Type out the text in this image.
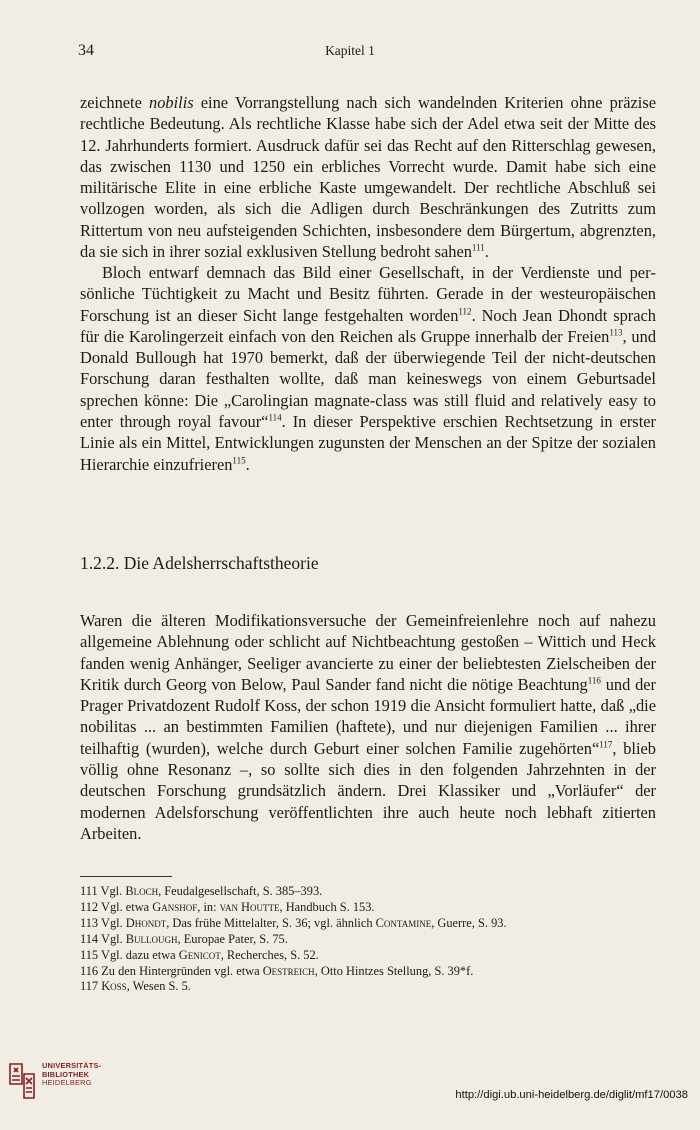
34	Kapitel 1

zeichnete nobilis eine Vorrangstellung nach sich wandelnden Kriterien ohne präzise rechtliche Bedeutung. Als rechtliche Klasse habe sich der Adel etwa seit der Mitte des 12. Jahrhunderts formiert. Ausdruck dafür sei das Recht auf den Ritterschlag gewesen, das zwischen 1130 und 1250 ein erbliches Vorrecht wurde. Damit habe sich eine militärische Elite in eine erbliche Kaste umgewandelt. Der rechtliche Abschluß sei vollzogen worden, als sich die Adligen durch Beschränkungen des Zutritts zum Rittertum von neu aufsteigenden Schichten, insbesondere dem Bürgertum, abgrenzten, da sie sich in ihrer sozial exklusiven Stellung bedroht sahen$^{111}$.

Bloch entwarf demnach das Bild einer Gesellschaft, in der Verdienste und persönliche Tüchtigkeit zu Macht und Besitz führten. Gerade in der westeuropäischen Forschung ist an dieser Sicht lange festgehalten worden$^{112}$. Noch Jean Dhondt sprach für die Karolingerzeit einfach von den Reichen als Gruppe innerhalb der Freien$^{113}$, und Donald Bullough hat 1970 bemerkt, daß der überwiegende Teil der nicht-deutschen Forschung daran festhalten wollte, daß man keineswegs von einem Geburtsadel sprechen könne: Die „Carolingian magnate-class was still fluid and relatively easy to enter through royal favour“$^{114}$. In dieser Perspektive erschien Rechtsetzung in erster Linie als ein Mittel, Entwicklungen zugunsten der Menschen an der Spitze der sozialen Hierarchie einzufrieren$^{115}$.

1.2.2. Die Adelsherrschaftstheorie

Waren die älteren Modifikationsversuche der Gemeinfreienlehre noch auf nahezu allgemeine Ablehnung oder schlicht auf Nichtbeachtung gestoßen – Wittich und Heck fanden wenig Anhänger, Seeliger avancierte zu einer der beliebtesten Zielscheiben der Kritik durch Georg von Below, Paul Sander fand nicht die nötige Beachtung$^{116}$ und der Prager Privatdozent Rudolf Koss, der schon 1919 die Ansicht formuliert hatte, daß „die nobilitas ... an bestimmten Familien (haftete), und nur diejenigen Familien ... ihrer teilhaftig (wurden), welche durch Geburt einer solchen Familie zugehörten“$^{117}$, blieb völlig ohne Resonanz –, so sollte sich dies in den folgenden Jahrzehnten in der deutschen Forschung grundsätzlich ändern. Drei Klassiker und „Vorläufer“ der modernen Adelsforschung veröffentlichten ihre auch heute noch lebhaft zitierten Arbeiten.

111 Vgl. Bloch, Feudalgesellschaft, S. 385–393.
112 Vgl. etwa Ganshof, in: van Houtte, Handbuch S. 153.
113 Vgl. Dhondt, Das frühe Mittelalter, S. 36; vgl. ähnlich Contamine, Guerre, S. 93.
114 Vgl. Bullough, Europae Pater, S. 75.
115 Vgl. dazu etwa Genicot, Recherches, S. 52.
116 Zu den Hintergründen vgl. etwa Oestreich, Otto Hintzes Stellung, S. 39*f.
117 Koss, Wesen S. 5.
UNIVERSITÄTS-
BIBLIOTHEK
HEIDELBERG
http://digi.ub.uni-heidelberg.de/diglit/mf17/0038
